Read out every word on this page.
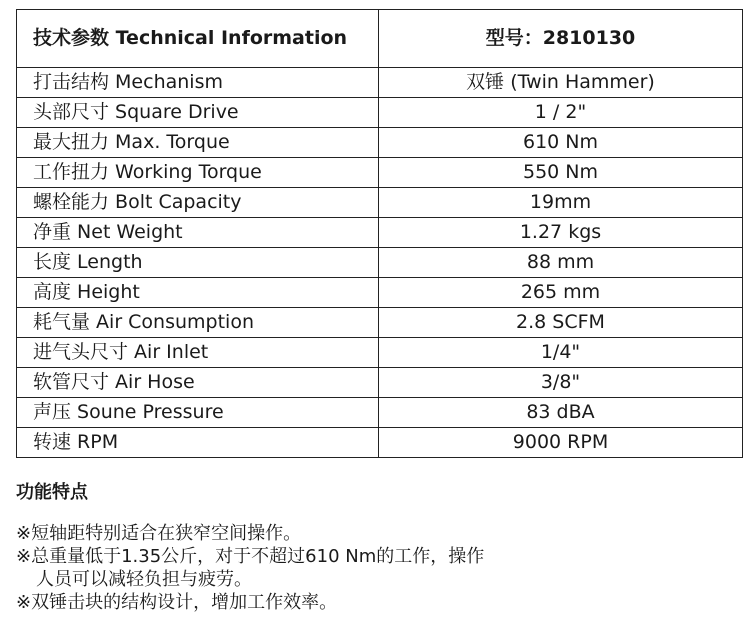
技术参数 Technical Information	型号：2810130
打击结构 Mechanism	双锤 (Twin Hammer)
头部尺寸 Square Drive	1 / 2"
最大扭力 Max. Torque	610 Nm
工作扭力 Working Torque	550 Nm
螺栓能力 Bolt Capacity	19mm
净重 Net Weight	1.27 kgs
长度 Length	88 mm
高度 Height	265 mm
耗气量 Air Consumption	2.8 SCFM
进气头尺寸 Air Inlet	1/4"
软管尺寸 Air Hose	3/8"
声压 Soune Pressure	83 dBA
转速 RPM	9000 RPM
功能特点

※短轴距特别适合在狭窄空间操作。

※总重量低于1.35公斤，对于不超过610 Nm的工作，操作

人员可以减轻负担与疲劳。

※双锤击块的结构设计，增加工作效率。
